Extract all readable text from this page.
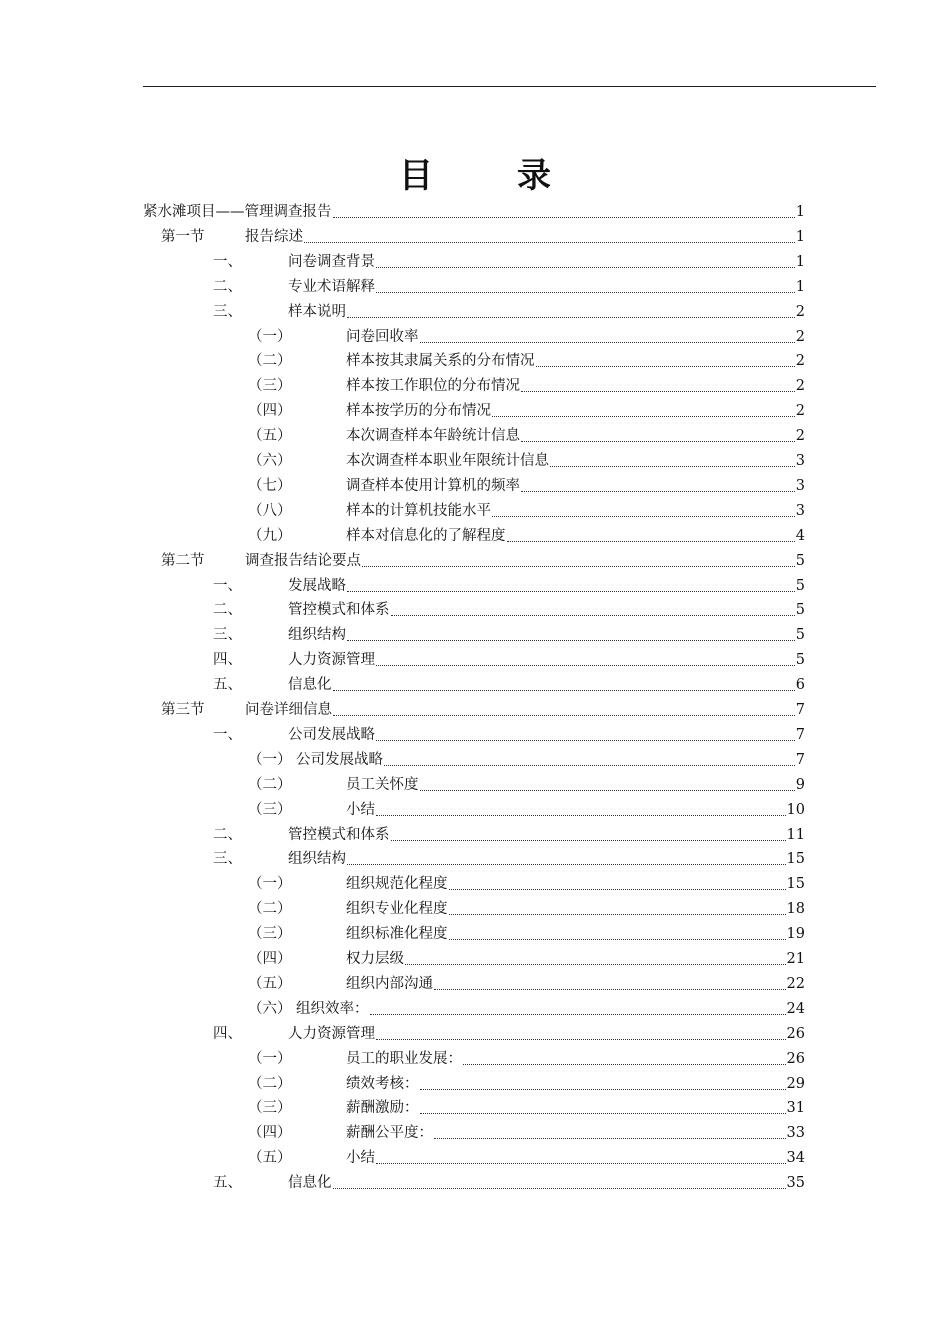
目 录
紧水滩项目——管理调查报告	1
第一节	报告综述	1
一、	问卷调查背景	1
二、	专业术语解释	1
三、	样本说明	2
（一）	问卷回收率	2
（二）	样本按其隶属关系的分布情况	2
（三）	样本按工作职位的分布情况	2
（四）	样本按学历的分布情况	2
（五）	本次调查样本年龄统计信息	2
（六）	本次调查样本职业年限统计信息	3
（七）	调查样本使用计算机的频率	3
（八）	样本的计算机技能水平	3
（九）	样本对信息化的了解程度	4
第二节	调查报告结论要点	5
一、	发展战略	5
二、	管控模式和体系	5
三、	组织结构	5
四、	人力资源管理	5
五、	信息化	6
第三节	问卷详细信息	7
一、	公司发展战略	7
（一） 公司发展战略	7
（二）	员工关怀度	9
（三）	小结	10
二、	管控模式和体系	11
三、	组织结构	15
（一）	组织规范化程度	15
（二）	组织专业化程度	18
（三）	组织标准化程度	19
（四）	权力层级	21
（五）	组织内部沟通	22
（六） 组织效率：	24
四、	人力资源管理	26
（一）	员工的职业发展：	26
（二）	绩效考核：	29
（三）	薪酬激励：	31
（四）	薪酬公平度：	33
（五）	小结	34
五、	信息化	35
